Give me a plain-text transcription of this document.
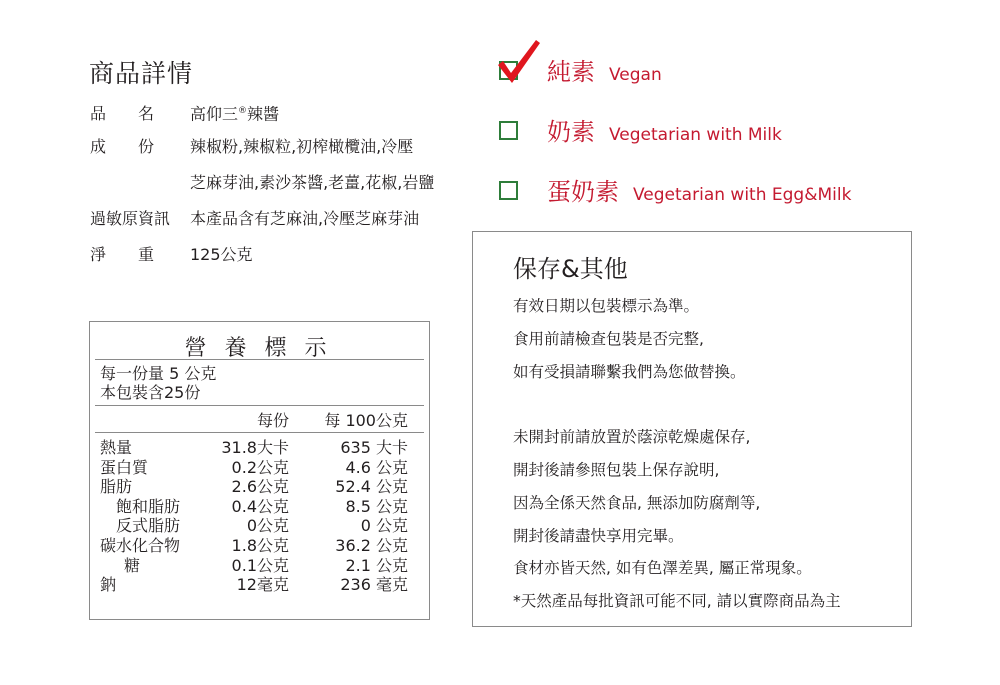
商品詳情
品　　名 高仰三®辣醬
成　　份 辣椒粉,辣椒粒,初榨橄欖油,冷壓
芝麻芽油,素沙茶醬,老薑,花椒,岩鹽
過敏原資訊 本產品含有芝麻油,冷壓芝麻芽油
淨　　重 125公克
營養標示
每一份量 5 公克
本包裝含25份
每份	每 100公克
熱量	31.8大卡	635 大卡
蛋白質	0.2公克	4.6 公克
脂肪	2.6公克	52.4 公克
飽和脂肪	0.4公克	8.5 公克
反式脂肪	0公克	0 公克
碳水化合物	1.8公克	36.2 公克
糖	0.1公克	2.1 公克
鈉	12毫克	236 毫克
純素 Vegan
奶素 Vegetarian with Milk
蛋奶素 Vegetarian with Egg&Milk
保存&其他
有效日期以包裝標示為準。
食用前請檢查包裝是否完整,
如有受損請聯繫我們為您做替換。
未開封前請放置於蔭涼乾燥處保存,
開封後請參照包裝上保存說明,
因為全係天然食品, 無添加防腐劑等,
開封後請盡快享用完畢。
食材亦皆天然, 如有色澤差異, 屬正常現象。
*天然產品每批資訊可能不同, 請以實際商品為主
